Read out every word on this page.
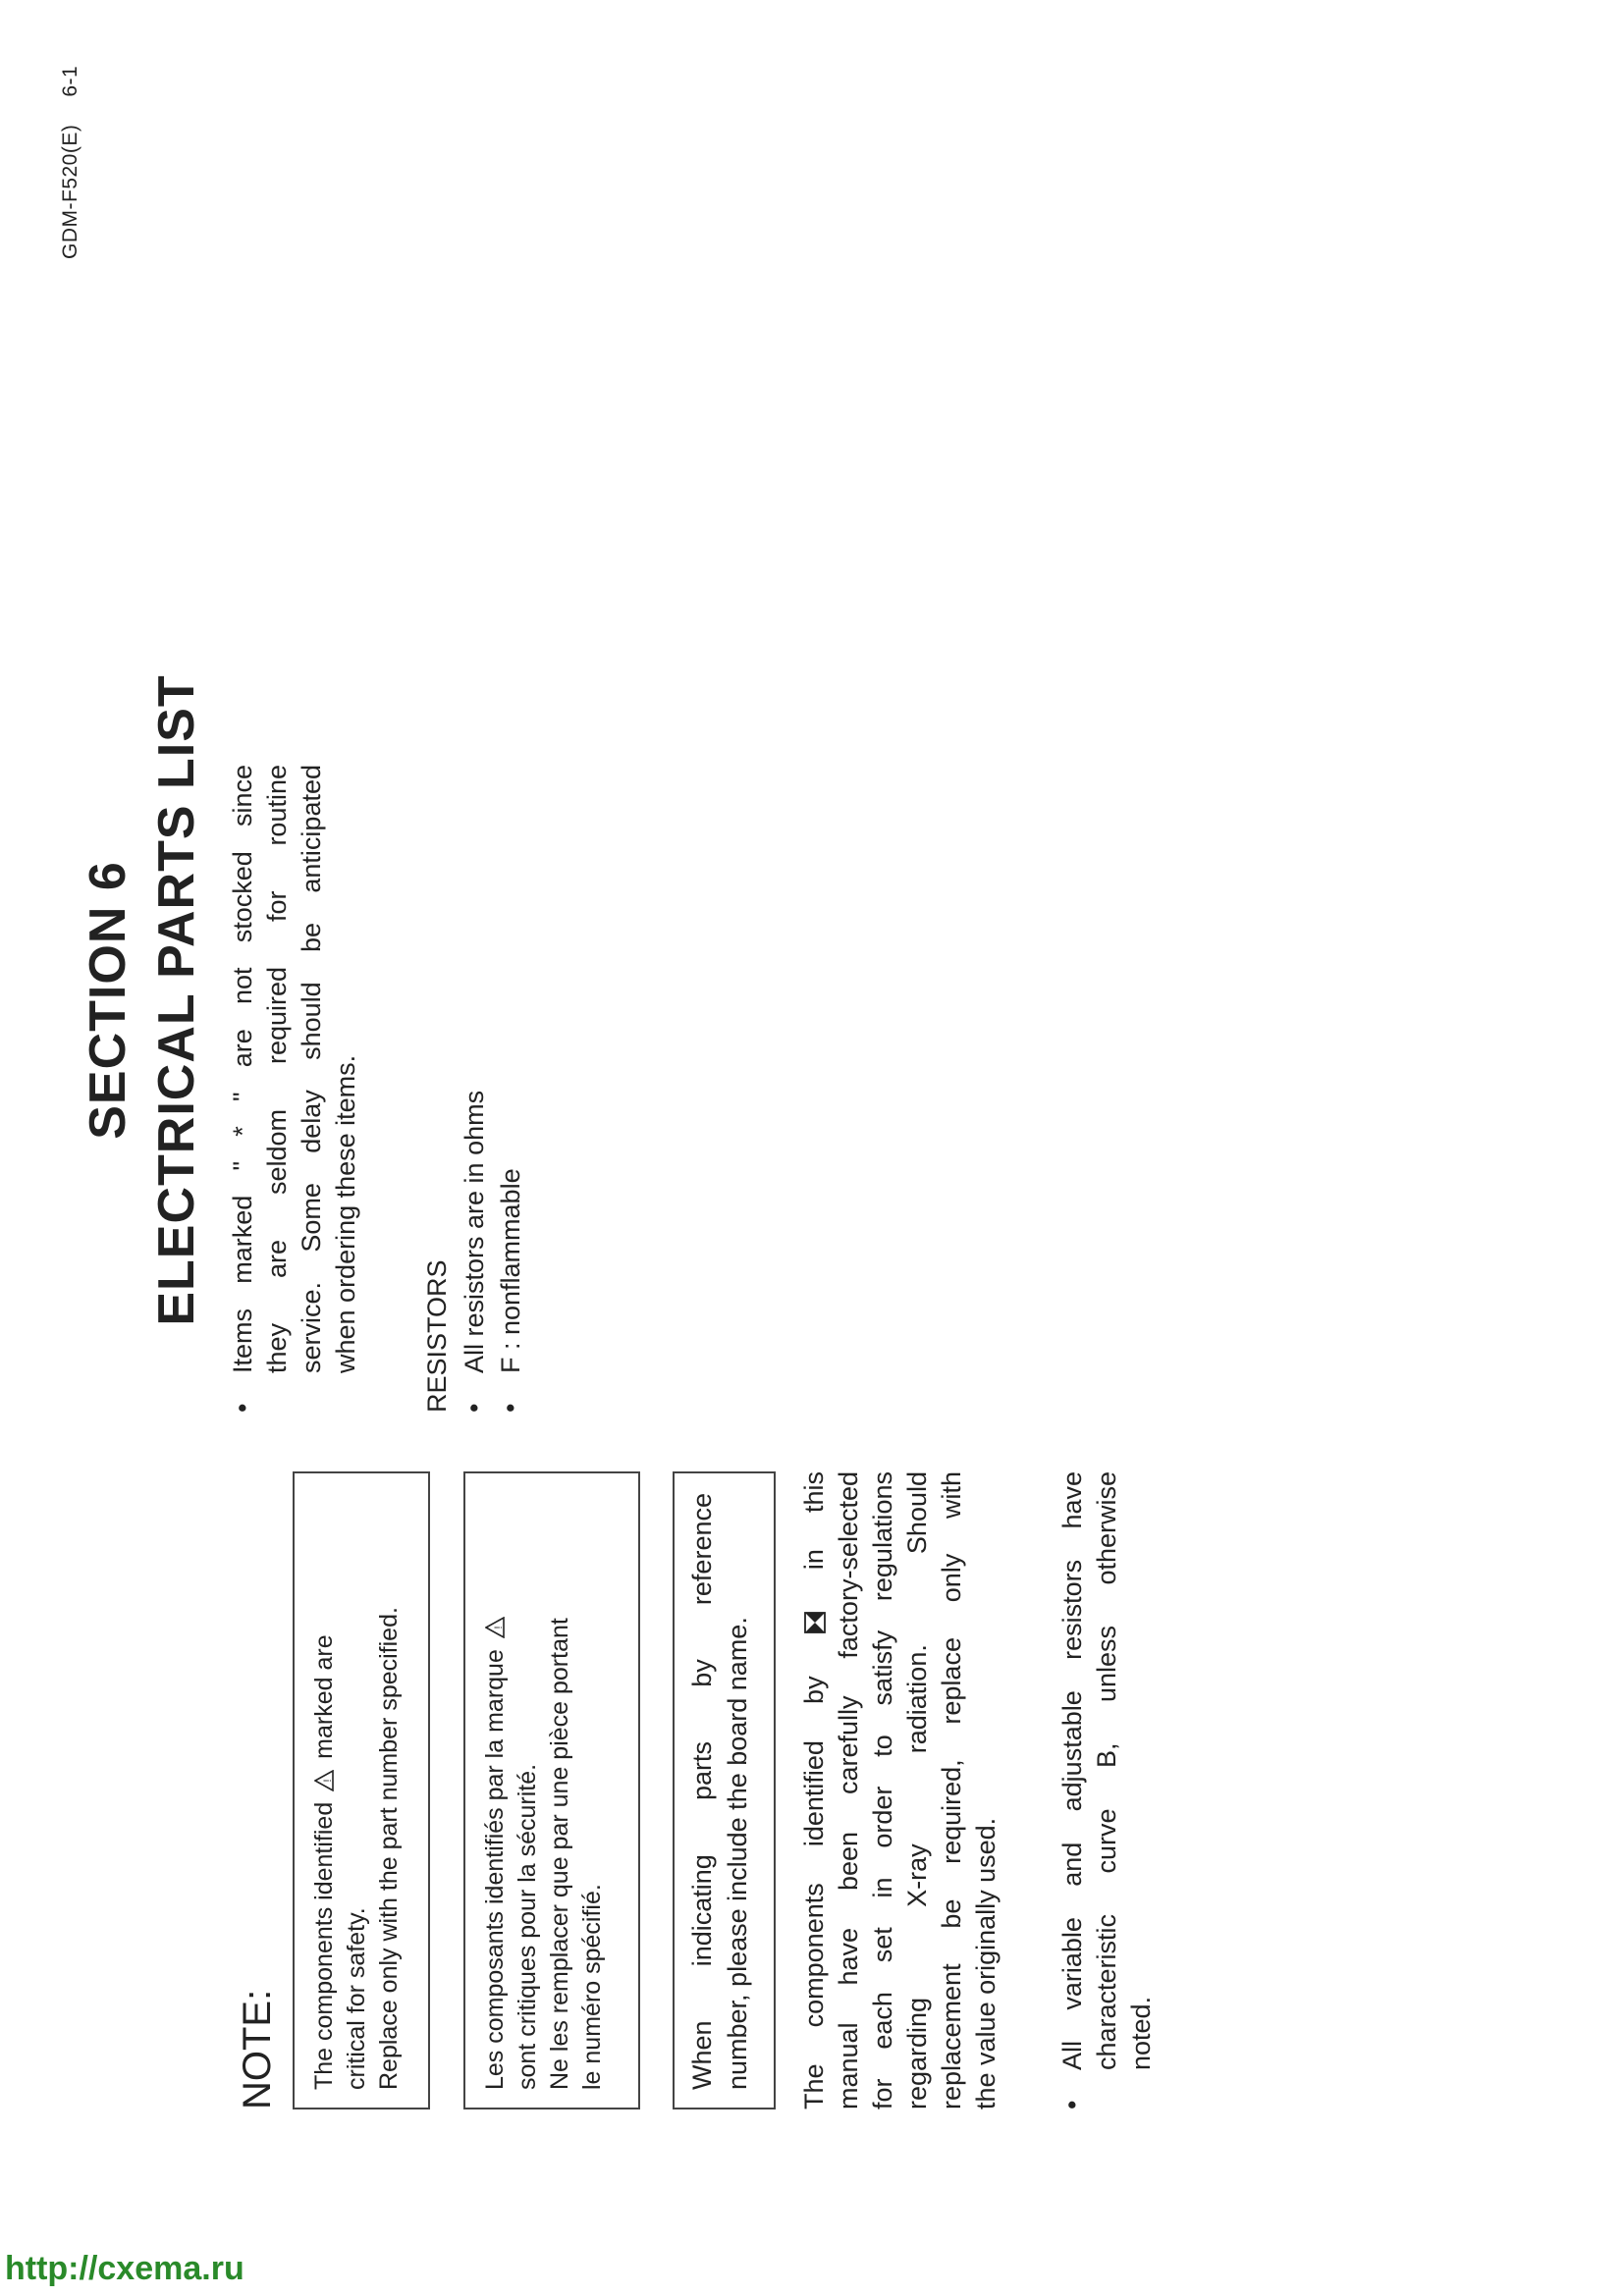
GDM-F520(E)6-1
SECTION 6 ELECTRICAL PARTS LIST
NOTE: The components identified
!
marked are
critical for safety. Replace only with the part number specified.	Les composants identifiés par la marque
!
sont critiques pour la sécurité. Ne les remplacer que par une pièce portant le numéro spécifié.	When indicating parts by reference number, please include the board name. The components identified by  in this manual have been carefully factory-selected for each set in order to satisfy regulations regarding X-ray radiation. Should replacement be required, replace only with the value originally used. •
All variable and adjustable resistors have characteristic curve B, unless otherwise noted.
•
Items marked " * " are not stocked since they are seldom required for routine service. Some delay should be anticipated when ordering these items. RESISTORS •All resistors are in ohms
•F : nonflammable
http://cxema.ru
